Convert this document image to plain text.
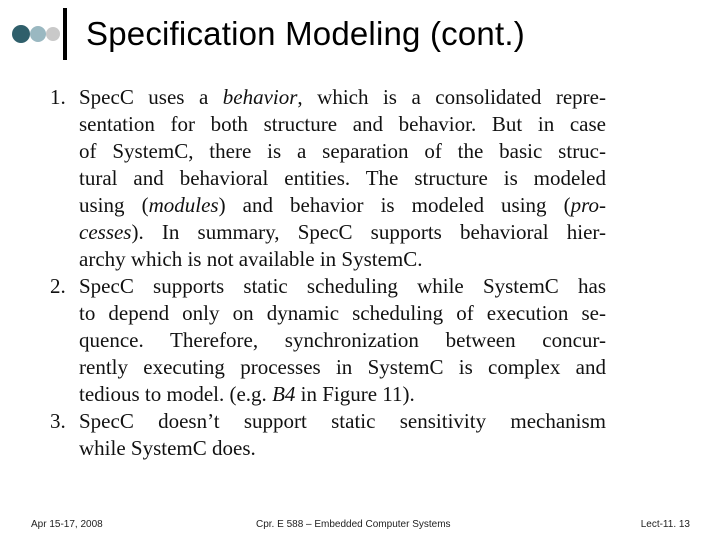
Specification Modeling (cont.)
1. SpecC uses a behavior, which is a consolidated repre-
sentation for both structure and behavior. But in case
of SystemC, there is a separation of the basic struc-
tural and behavioral entities. The structure is modeled
using (modules) and behavior is modeled using (pro-
cesses). In summary, SpecC supports behavioral hier-
archy which is not available in SystemC.
2. SpecC supports static scheduling while SystemC has
to depend only on dynamic scheduling of execution se-
quence. Therefore, synchronization between concur-
rently executing processes in SystemC is complex and
tedious to model. (e.g. B4 in Figure 11).
3. SpecC doesn’t support static sensitivity mechanism
while SystemC does.
Apr 15-17, 2008	Cpr. E 588 – Embedded Computer Systems	Lect-11. 13
